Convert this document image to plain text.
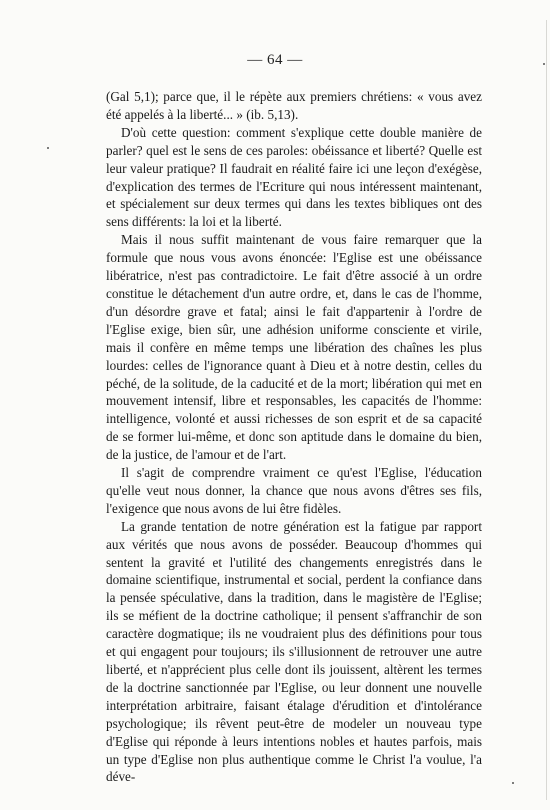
— 64 —

(Gal 5,1); parce que, il le répète aux premiers chrétiens: « vous avez été appelés à la liberté... » (ib. 5,13).

D'où cette question: comment s'explique cette double manière de parler? quel est le sens de ces paroles: obéissance et liberté? Quelle est leur valeur pratique? Il faudrait en réalité faire ici une leçon d'exégèse, d'explication des termes de l'Ecriture qui nous intéressent maintenant, et spécialement sur deux termes qui dans les textes bibliques ont des sens différents: la loi et la liberté.

Mais il nous suffit maintenant de vous faire remarquer que la formule que nous vous avons énoncée: l'Eglise est une obéissance libératrice, n'est pas contradictoire. Le fait d'être associé à un ordre constitue le détachement d'un autre ordre, et, dans le cas de l'homme, d'un désordre grave et fatal; ainsi le fait d'appartenir à l'ordre de l'Eglise exige, bien sûr, une adhésion uniforme consciente et virile, mais il confère en même temps une libération des chaînes les plus lourdes: celles de l'ignorance quant à Dieu et à notre destin, celles du péché, de la solitude, de la caducité et de la mort; libération qui met en mouvement intensif, libre et responsables, les capacités de l'homme: intelligence, volonté et aussi richesses de son esprit et de sa capacité de se former lui-même, et donc son aptitude dans le domaine du bien, de la justice, de l'amour et de l'art.

Il s'agit de comprendre vraiment ce qu'est l'Eglise, l'éducation qu'elle veut nous donner, la chance que nous avons d'êtres ses fils, l'exigence que nous avons de lui être fidèles.

La grande tentation de notre génération est la fatigue par rapport aux vérités que nous avons de posséder. Beaucoup d'hommes qui sentent la gravité et l'utilité des changements enregistrés dans le domaine scientifique, instrumental et social, perdent la confiance dans la pensée spéculative, dans la tradition, dans le magistère de l'Eglise; ils se méfient de la doctrine catholique; il pensent s'affranchir de son caractère dogmatique; ils ne voudraient plus des définitions pour tous et qui engagent pour toujours; ils s'illusionnent de retrouver une autre liberté, et n'apprécient plus celle dont ils jouissent, altèrent les termes de la doctrine sanctionnée par l'Eglise, ou leur donnent une nouvelle interprétation arbitraire, faisant étalage d'érudition et d'intolérance psychologique; ils rêvent peut-être de modeler un nouveau type d'Eglise qui réponde à leurs intentions nobles et hautes parfois, mais un type d'Eglise non plus authentique comme le Christ l'a voulue, l'a déve-
